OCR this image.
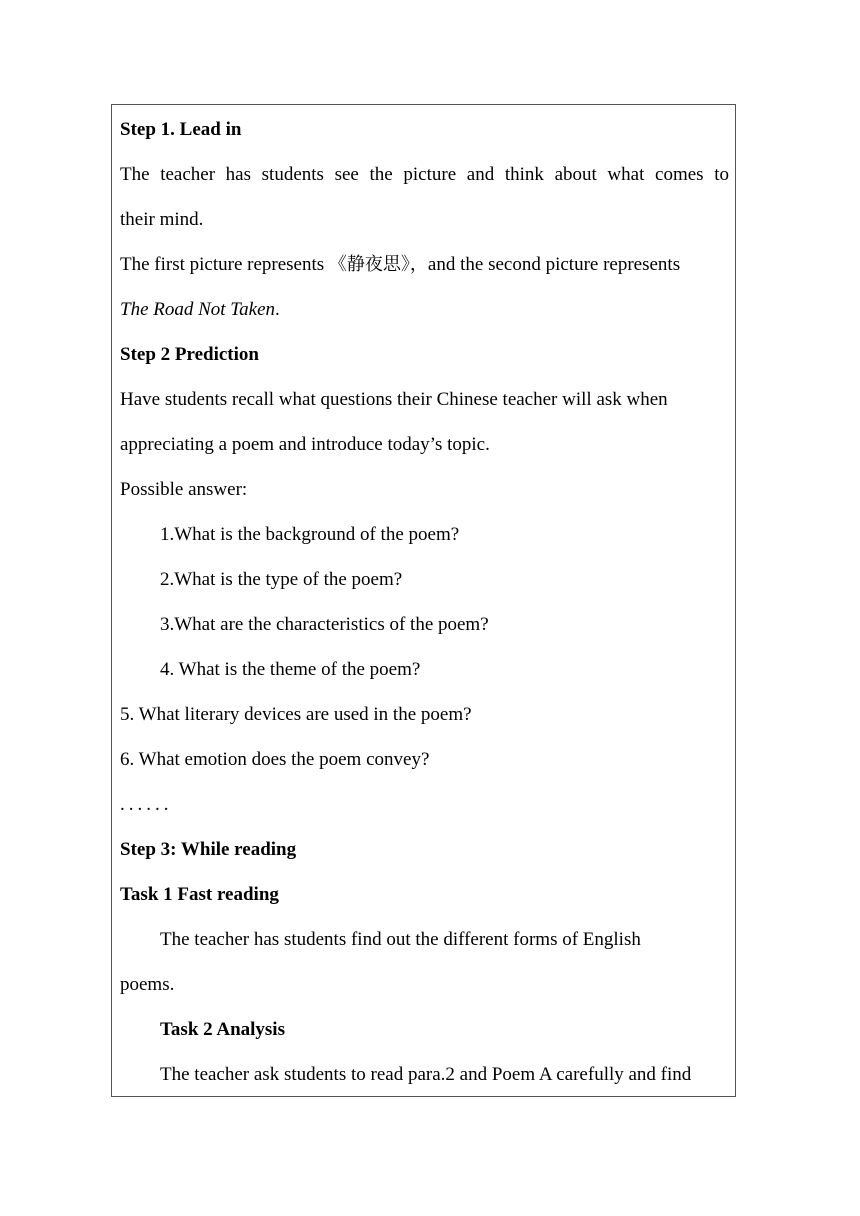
Step 1. Lead in
The teacher has students see the picture and think about what comes to
their mind.
The first picture represents 《静夜思》，and the second picture represents
The Road Not Taken.
Step 2 Prediction
Have students recall what questions their Chinese teacher will ask when
appreciating a poem and introduce today’s topic.
Possible answer:
1.What is the background of the poem?
2.What is the type of the poem?
3.What are the characteristics of the poem?
4. What is the theme of the poem?
5. What literary devices are used in the poem?
6. What emotion does the poem convey?
......
Step 3: While reading
Task 1 Fast reading
The teacher has students find out the different forms of English
poems.
Task 2 Analysis
The teacher ask students to read para.2 and Poem A carefully and find
